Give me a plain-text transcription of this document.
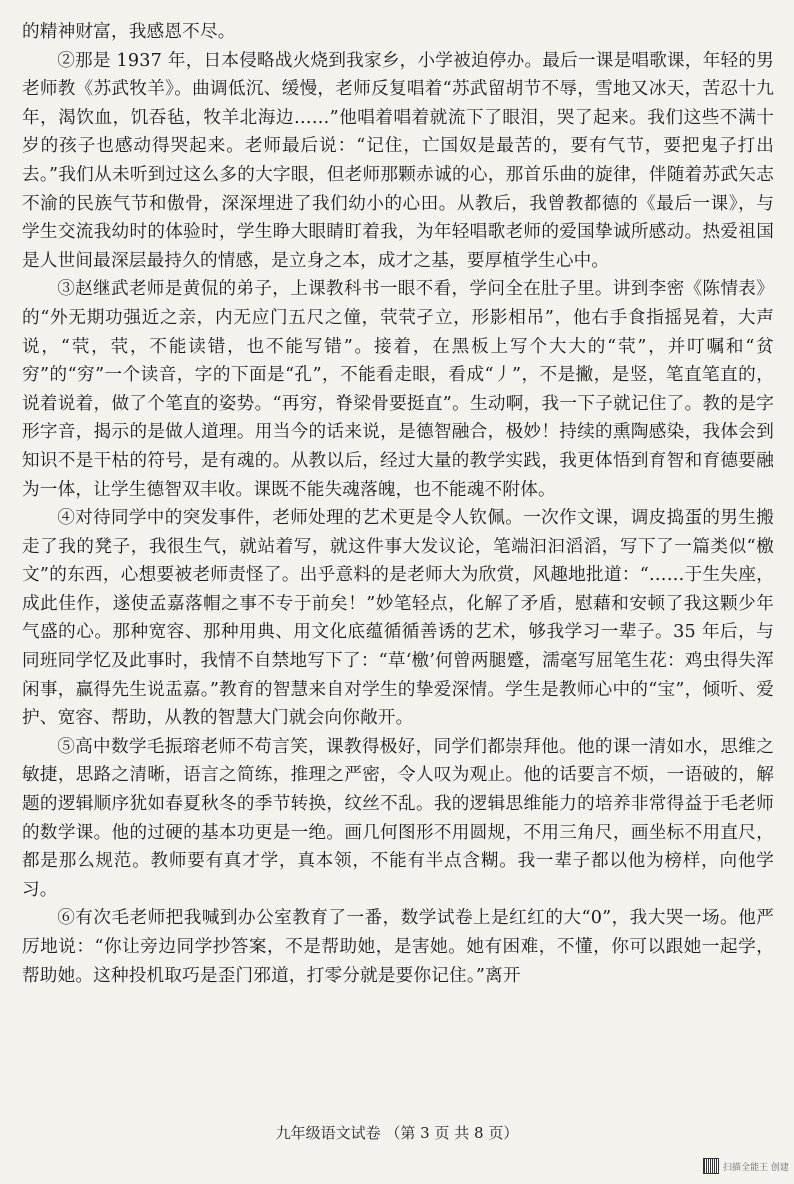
的精神财富，我感恩不尽。

②那是 1937 年，日本侵略战火烧到我家乡，小学被迫停办。最后一课是唱歌课，年轻的男老师教《苏武牧羊》。曲调低沉、缓慢，老师反复唱着“苏武留胡节不辱，雪地又冰天，苦忍十九年，渴饮血，饥吞毡，牧羊北海边……”他唱着唱着就流下了眼泪，哭了起来。我们这些不满十岁的孩子也感动得哭起来。老师最后说：“记住，亡国奴是最苦的，要有气节，要把鬼子打出去。”我们从未听到过这么多的大字眼，但老师那颗赤诚的心，那首乐曲的旋律，伴随着苏武矢志不渝的民族气节和傲骨，深深埋进了我们幼小的心田。从教后，我曾教都德的《最后一课》，与学生交流我幼时的体验时，学生睁大眼睛盯着我，为年轻唱歌老师的爱国挚诚所感动。热爱祖国是人世间最深层最持久的情感，是立身之本，成才之基，要厚植学生心中。

③赵继武老师是黄侃的弟子，上课教科书一眼不看，学问全在肚子里。讲到李密《陈情表》的“外无期功强近之亲，内无应门五尺之僮，茕茕孑立，形影相吊”，他右手食指摇晃着，大声说，“茕，茕，不能读错，也不能写错”。接着，在黑板上写个大大的“茕”，并叮嘱和“贫穷”的“穷”一个读音，字的下面是“孔”，不能看走眼，看成“丿”，不是撇，是竖，笔直笔直的，说着说着，做了个笔直的姿势。“再穷，脊梁骨要挺直”。生动啊，我一下子就记住了。教的是字形字音，揭示的是做人道理。用当今的话来说，是德智融合，极妙！持续的熏陶感染，我体会到知识不是干枯的符号，是有魂的。从教以后，经过大量的教学实践，我更体悟到育智和育德要融为一体，让学生德智双丰收。课既不能失魂落魄，也不能魂不附体。

④对待同学中的突发事件，老师处理的艺术更是令人钦佩。一次作文课，调皮捣蛋的男生搬走了我的凳子，我很生气，就站着写，就这件事大发议论，笔端汩汩滔滔，写下了一篇类似“檄文”的东西，心想要被老师责怪了。出乎意料的是老师大为欣赏，风趣地批道：“……于生失座，成此佳作，遂使孟嘉落帽之事不专于前矣！”妙笔轻点，化解了矛盾，慰藉和安顿了我这颗少年气盛的心。那种宽容、那种用典、用文化底蕴循循善诱的艺术，够我学习一辈子。35 年后，与同班同学忆及此事时，我情不自禁地写下了：“草‘檄’何曾两腿蹙，濡毫写屈笔生花：鸡虫得失浑闲事，赢得先生说盂嘉。”教育的智慧来自对学生的挚爱深情。学生是教师心中的“宝”，倾听、爱护、宽容、帮助，从教的智慧大门就会向你敞开。

⑤高中数学毛振瑢老师不苟言笑，课教得极好，同学们都崇拜他。他的课一清如水，思维之敏捷，思路之清晰，语言之简练，推理之严密，令人叹为观止。他的话要言不烦，一语破的，解题的逻辑顺序犹如春夏秋冬的季节转换，纹丝不乱。我的逻辑思维能力的培养非常得益于毛老师的数学课。他的过硬的基本功更是一绝。画几何图形不用圆规，不用三角尺，画坐标不用直尺，都是那么规范。教师要有真才学，真本领，不能有半点含糊。我一辈子都以他为榜样，向他学习。

⑥有次毛老师把我喊到办公室教育了一番，数学试卷上是红红的大“0”，我大哭一场。他严厉地说：“你让旁边同学抄答案，不是帮助她，是害她。她有困难，不懂，你可以跟她一起学，帮助她。这种投机取巧是歪门邪道，打零分就是要你记住。”离开

九年级语文试卷 （第 3 页 共 8 页）
扫描全能王 创建
